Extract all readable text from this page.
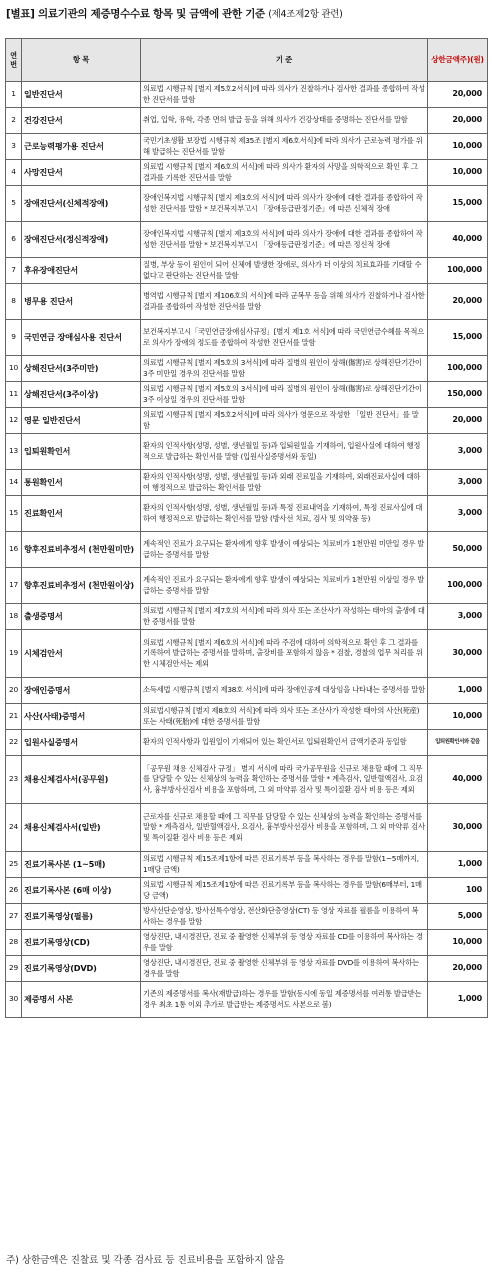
[별표] 의료기관의 제증명수수료 항목 및 금액에 관한 기준 (제4조제2항 관련)
연번	항 목	기 준	상한금액주)(원)
1	일반진단서	의료법 시행규칙 [별지 제5호2서식]에 따라 의사가 진찰하거나 검사한 결과를 종합하여 작성한 진단서를 말함	20,000
2	건강진단서	취업, 입학, 유학, 각종 면허 발급 등을 위해 의사가 건강상태를 증명하는 진단서를 말함	20,000
3	근로능력평가용 진단서	국민기초생활 보장법 시행규칙 제35조 [별지 제6호서식]에 따라 의사가 근로능력 평가를 위해 발급하는 진단서를 말함	10,000
4	사망진단서	의료법 시행규칙 [별지 제6호의 서식]에 따라 의사가 환자의 사망을 의학적으로 확인 후 그 결과를 기록한 진단서를 말함	10,000
5	장애진단서(신체적장애)	장애인복지법 시행규칙 [별지 제3호의 서식]에 따라 의사가 장애에 대한 결과를 종합하여 작성한 진단서를 말함 * 보건복지부고시 「장애등급판정기준」에 따른 신체적 장애	15,000
6	장애진단서(정신적장애)	장애인복지법 시행규칙 [별지 제3호의 서식]에 따라 의사가 장애에 대한 결과를 종합하여 작성한 진단서를 말함 * 보건복지부고시 「장애등급판정기준」에 따른 정신적 장애	40,000
7	후유장애진단서	질병, 부상 등이 원인이 되어 신체에 발생한 장애로, 의사가 더 이상의 치료효과를 기대할 수 없다고 판단하는 진단서를 말함	100,000
8	병무용 진단서	병역법 시행규칙 [별지 제106호의 서식]에 따라 군복무 등을 위해 의사가 진찰하거나 검사한 결과를 종합하여 작성한 진단서를 말함	20,000
9	국민연금 장애심사용 진단서	보건복지부고시「국민연금장애심사규정」[별지 제1호 서식]에 따라 국민연금수혜를 목적으로 의사가 장애의 정도를 종합하여 작성한 진단서를 말함	15,000
10	상해진단서(3주미만)	의료법 시행규칙 [별지 제5호의 3서식]에 따라 질병의 원인이 상해(傷害)로 상해진단기간이 3주 미만일 경우의 진단서를 말함	100,000
11	상해진단서(3주이상)	의료법 시행규칙 [별지 제5호의 3서식]에 따라 질병의 원인이 상해(傷害)로 상해진단기간이 3주 이상일 경우의 진단서를 말함	150,000
12	영문 일반진단서	의료법 시행규칙 [별지 제5호2서식]에 따라 의사가 영문으로 작성한 「일반 진단서」를 말함	20,000
13	입퇴원확인서	환자의 인적사항(성명, 성별, 생년월일 등)과 입퇴원일을 기재하여, 입원사실에 대하여 행정적으로 발급하는 확인서를 말함 (입원사실증명서와 동일)	3,000
14	통원확인서	환자의 인적사항(성명, 성별, 생년월일 등)과 외래 진료일을 기재하여, 외래진료사실에 대하여 행정적으로 발급하는 확인서를 말함	3,000
15	진료확인서	환자의 인적사항(성명, 성별, 생년월일 등)과 특정 진료내역을 기재하여, 특정 진료사실에 대하여 행정적으로 발급하는 확인서를 말함 (방사선 치료, 검사 및 의약품 등)	3,000
16	향후진료비추정서 (천만원미만)	계속적인 진료가 요구되는 환자에게 향후 발생이 예상되는 치료비가 1천만원 미만일 경우 발급하는 증명서를 말함	50,000
17	향후진료비추정서 (천만원이상)	계속적인 진료가 요구되는 환자에게 향후 발생이 예상되는 치료비가 1천만원 이상일 경우 발급하는 증명서를 말함	100,000
18	출생증명서	의료법 시행규칙 [별지 제7호의 서식]에 따라 의사 또는 조산사가 작성하는 태아의 출생에 대한 증명서를 말함	3,000
19	시체검안서	의료법 시행규칙 [별지 제6호의 서식]에 따라 주검에 대하여 의학적으로 확인 후 그 결과를 기록하여 발급하는 증명서를 말하며, 출장비를 포함하지 않음 * 검찰, 경찰의 업무 처리를 위한 시체검안서는 제외	30,000
20	장애인증명서	소득세법 시행규칙 [별지 제38호 서식]에 따라 장애인공제 대상임을 나타내는 증명서를 말함	1,000
21	사산(사태)증명서	의료법시행규칙 [별지 제8호의 서식]에 따라 의사 또는 조산사가 작성한 태아의 사산(死産) 또는 사태(死胎)에 대한 증명서를 말함	10,000
22	입원사실증명서	환자의 인적사항과 입원일이 기재되어 있는 확인서로 입퇴원확인서 금액기준과 동일함	입퇴원확인서와 같음
23	채용신체검사서(공무원)	「공무원 채용 신체검사 규정」 별지 서식에 따라 국가공무원을 신규로 채용할 때에 그 직무를 담당할 수 있는 신체상의 능력을 확인하는 증명서를 말함 * 계측검사, 일반혈액검사, 요검사, 흉부방사선검사 비용을 포함하며, 그 외 마약류 검사 및 특이질환 검사 비용 등은 제외	40,000
24	채용신체검사서(일반)	근로자를 신규로 채용할 때에 그 직무를 담당할 수 있는 신체상의 능력을 확인하는 증명서를 말함 * 계측검사, 일반혈액검사, 요검사, 흉부방사선검사 비용을 포함하며, 그 외 마약류 검사 및 특이질환 검사 비용 등은 제외	30,000
25	진료기록사본 (1~5매)	의료법 시행규칙 제15조제1항에 따른 진료기록부 등을 복사하는 경우를 말함(1~5매까지, 1매당 금액)	1,000
26	진료기록사본 (6매 이상)	의료법 시행규칙 제15조제1항에 따른 진료기록부 등을 복사하는 경우를 말함(6매부터, 1매당 금액)	100
27	진료기록영상(필름)	방사선단순영상, 방사선특수영상, 전산화단층영상(CT) 등 영상 자료를 필름을 이용하여 복사하는 경우를 말함	5,000
28	진료기록영상(CD)	영상진단, 내시경진단, 진료 중 촬영한 신체부위 등 영상 자료를 CD를 이용하여 복사하는 경우를 말함	10,000
29	진료기록영상(DVD)	영상진단, 내시경진단, 진료 중 촬영한 신체부위 등 영상 자료를 DVD를 이용하여 복사하는 경우를 말함	20,000
30	제증명서 사본	기존의 제증명서를 복사(재발급)하는 경우를 말함(동시에 동일 제증명서를 여러통 발급받는 경우 최초 1통 이외 추가로 발급받는 제증명서도 사본으로 봄)	1,000
주) 상한금액은 진찰료 및 각종 검사료 등 진료비용을 포함하지 않음
